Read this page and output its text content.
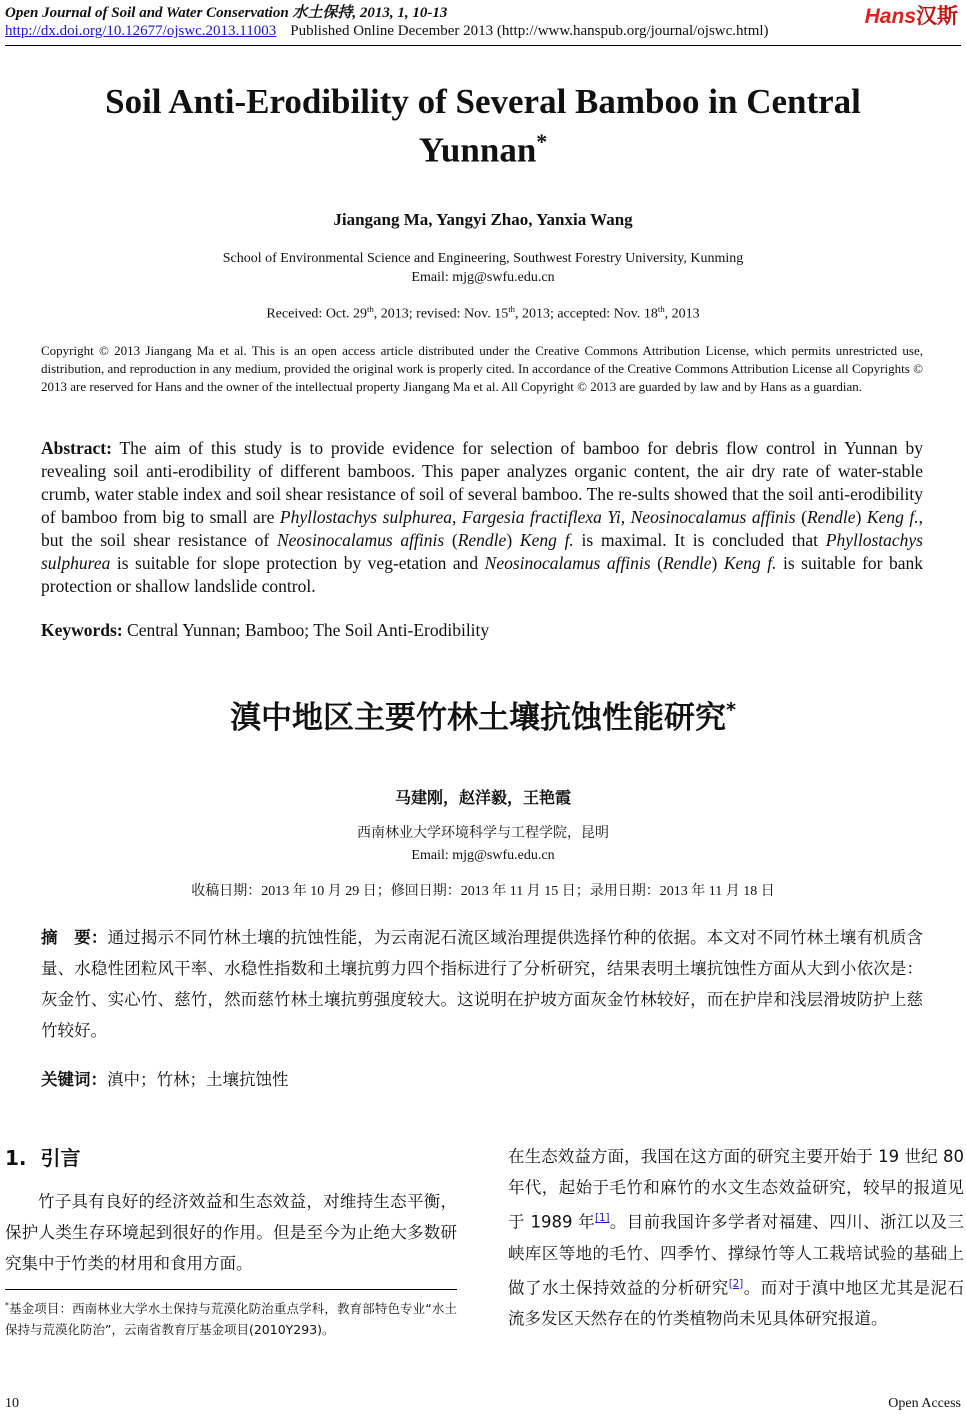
Open Journal of Soil and Water Conservation 水土保持, 2013, 1, 10-13
http://dx.doi.org/10.12677/ojswc.2013.11003 Published Online December 2013 (http://www.hanspub.org/journal/ojswc.html)
Hans汉斯
Soil Anti-Erodibility of Several Bamboo in Central Yunnan*
Jiangang Ma, Yangyi Zhao, Yanxia Wang
School of Environmental Science and Engineering, Southwest Forestry University, Kunming
Email: mjg@swfu.edu.cn
Received: Oct. 29th, 2013; revised: Nov. 15th, 2013; accepted: Nov. 18th, 2013
Copyright © 2013 Jiangang Ma et al. This is an open access article distributed under the Creative Commons Attribution License, which permits unrestricted use, distribution, and reproduction in any medium, provided the original work is properly cited. In accordance of the Creative Commons Attribution License all Copyrights © 2013 are reserved for Hans and the owner of the intellectual property Jiangang Ma et al. All Copyright © 2013 are guarded by law and by Hans as a guardian.
Abstract: The aim of this study is to provide evidence for selection of bamboo for debris flow control in Yunnan by revealing soil anti-erodibility of different bamboos. This paper analyzes organic content, the air dry rate of water-stable crumb, water stable index and soil shear resistance of soil of several bamboo. The re-sults showed that the soil anti-erodibility of bamboo from big to small are Phyllostachys sulphurea, Fargesia fractiflexa Yi, Neosinocalamus affinis (Rendle) Keng f., but the soil shear resistance of Neosinocalamus affinis (Rendle) Keng f. is maximal. It is concluded that Phyllostachys sulphurea is suitable for slope protection by veg-etation and Neosinocalamus affinis (Rendle) Keng f. is suitable for bank protection or shallow landslide control.
Keywords: Central Yunnan; Bamboo; The Soil Anti-Erodibility
滇中地区主要竹林土壤抗蚀性能研究*
马建刚，赵洋毅，王艳霞
西南林业大学环境科学与工程学院，昆明
Email: mjg@swfu.edu.cn
收稿日期：2013 年 10 月 29 日；修回日期：2013 年 11 月 15 日；录用日期：2013 年 11 月 18 日
摘　要：通过揭示不同竹林土壤的抗蚀性能，为云南泥石流区域治理提供选择竹种的依据。本文对不同竹林土壤有机质含量、水稳性团粒风干率、水稳性指数和土壤抗剪力四个指标进行了分析研究，结果表明土壤抗蚀性方面从大到小依次是：灰金竹、实心竹、慈竹，然而慈竹林土壤抗剪强度较大。这说明在护坡方面灰金竹林较好，而在护岸和浅层滑坡防护上慈竹较好。
关键词：滇中；竹林；土壤抗蚀性
1. 引言
竹子具有良好的经济效益和生态效益，对维持生态平衡，保护人类生存环境起到很好的作用。但是至今为止绝大多数研究集中于竹类的材用和食用方面。
*基金项目：西南林业大学水土保持与荒漠化防治重点学科，教育部特色专业“水土保持与荒漠化防治”，云南省教育厅基金项目(2010Y293)。
在生态效益方面，我国在这方面的研究主要开始于 19 世纪 80 年代，起始于毛竹和麻竹的水文生态效益研究，较早的报道见于 1989 年[1]。目前我国许多学者对福建、四川、浙江以及三峡库区等地的毛竹、四季竹、撑绿竹等人工栽培试验的基础上做了水土保持效益的分析研究[2]。而对于滇中地区尤其是泥石流多发区天然存在的竹类植物尚未见具体研究报道。
10	Open Access
